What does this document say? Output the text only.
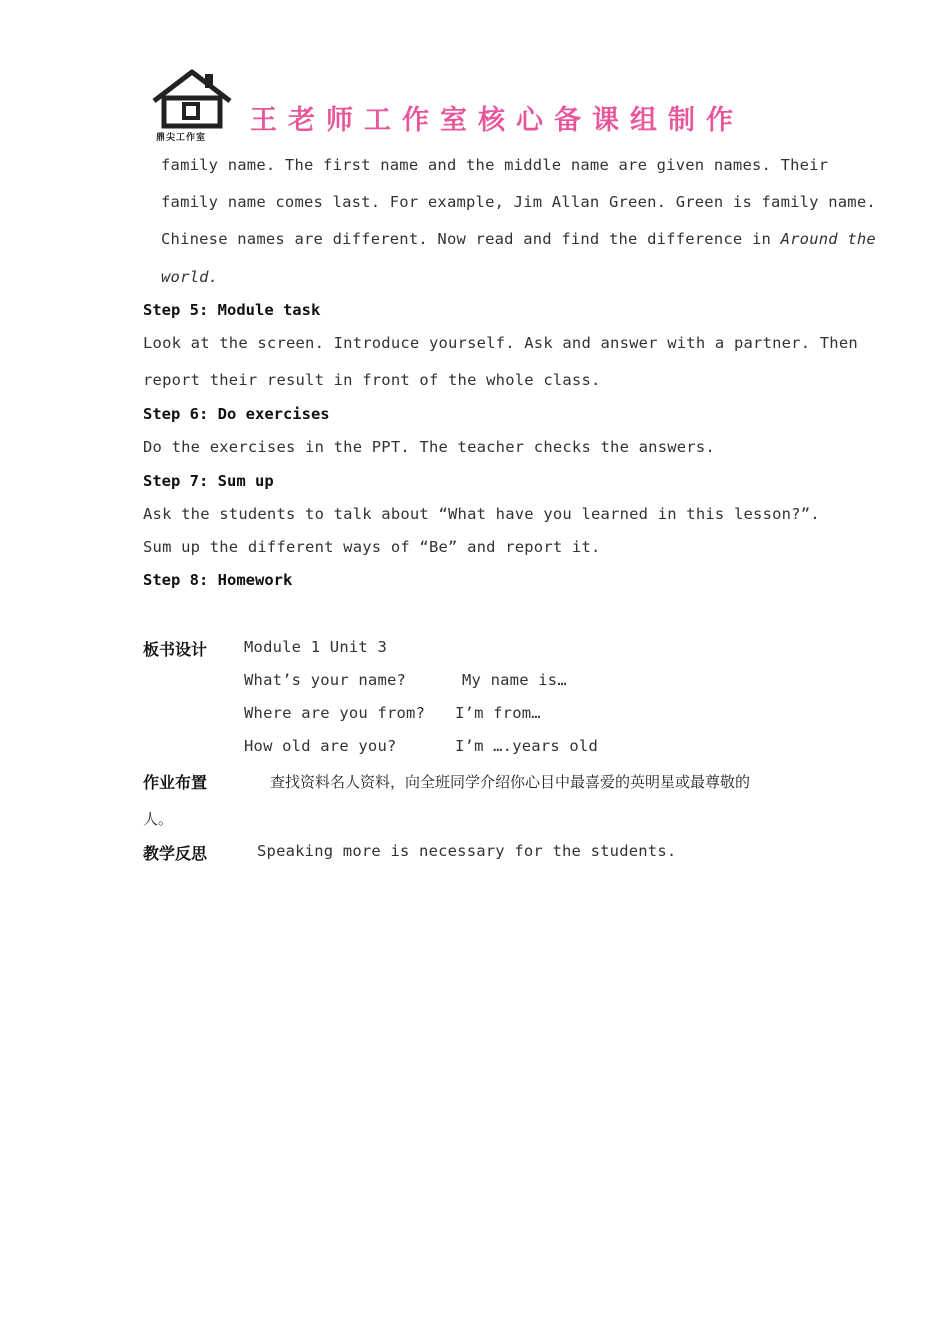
鼎尖工作室
王老师工作室核心备课组制作
family name. The first name and the middle name are given names. Their
family name comes last. For example, Jim Allan Green. Green is family name.
Chinese names are different. Now read and find the difference in Around the
world.
Step 5: Module task
Look at the screen. Introduce yourself. Ask and answer with a partner. Then
report their result in front of the whole class.
Step 6: Do exercises
Do the exercises in the PPT. The teacher checks the answers.
Step 7: Sum up
Ask the students to talk about “What have you learned in this lesson?”.
Sum up the different ways of “Be” and report it.
Step 8: Homework
板书设计 Module 1 Unit 3
What’s your name?	My name is…
Where are you from? I’m from…
How old are you?	I’m ….years old
作业布置	查找资料名人资料，向全班同学介绍你心目中最喜爱的英明星或最尊敬的
人。
教学反思	Speaking more is necessary for the students.
